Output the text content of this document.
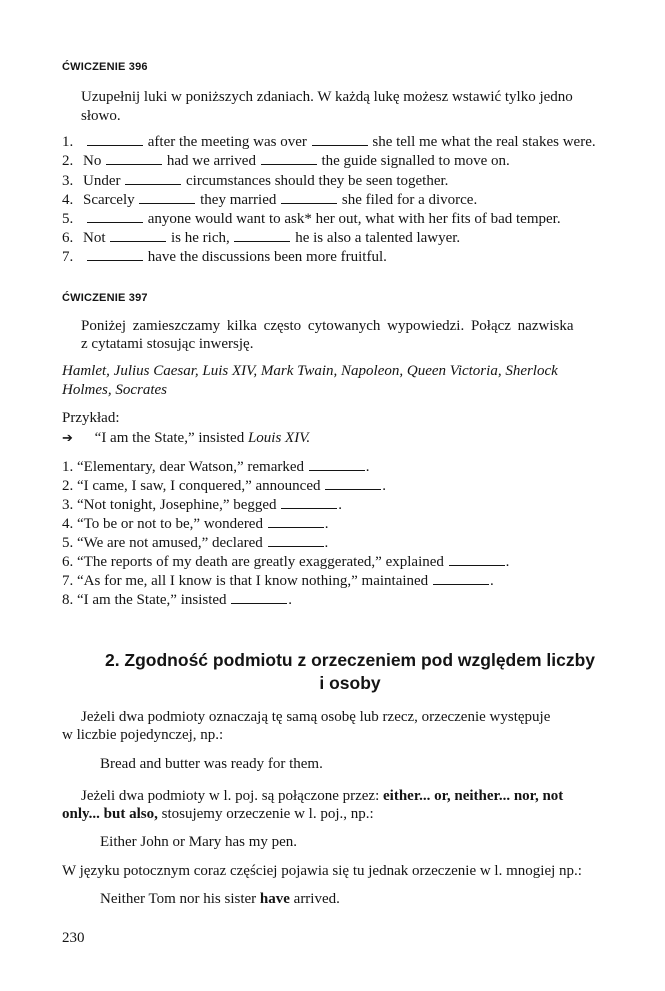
ĆWICZENIE 396
Uzupełnij luki w poniższych zdaniach. W każdą lukę możesz wstawić tylko jedno
słowo.
1.	after the meeting was over	she tell me what the real stakes were.
2. No	had we arrived	the guide signalled to move on.
3. Under	circumstances should they be seen together.
4. Scarcely	they married	she filed for a divorce.
5.	anyone would want to ask* her out, what with her fits of bad temper.
6. Not	is he rich,	he is also a talented lawyer.
7.	have the discussions been more fruitful.
ĆWICZENIE 397
Poniżej zamieszczamy kilka często cytowanych wypowiedzi. Połącz nazwiska
z cytatami stosując inwersję.
Hamlet, Julius Caesar, Luis XIV, Mark Twain, Napoleon, Queen Victoria, Sherlock
Holmes, Socrates
Przykład:
➔ “I am the State,” insisted Louis XIV.
1. “Elementary, dear Watson,” remarked	.
2. “I came, I saw, I conquered,” announced	.
3. “Not tonight, Josephine,” begged	.
4. “To be or not to be,” wondered	.
5. “We are not amused,” declared	.
6. “The reports of my death are greatly exaggerated,” explained	.
7. “As for me, all I know is that I know nothing,” maintained	.
8. “I am the State,” insisted	.
2. Zgodność podmiotu z orzeczeniem pod względem liczby
i osoby
Jeżeli dwa podmioty oznaczają tę samą osobę lub rzecz, orzeczenie występuje
w liczbie pojedynczej, np.:
Bread and butter was ready for them.
Jeżeli dwa podmioty w l. poj. są połączone przez: either... or, neither... nor, not
only... but also, stosujemy orzeczenie w l. poj., np.:
Either John or Mary has my pen.
W języku potocznym coraz częściej pojawia się tu jednak orzeczenie w l. mnogiej np.:
Neither Tom nor his sister have arrived.
230
